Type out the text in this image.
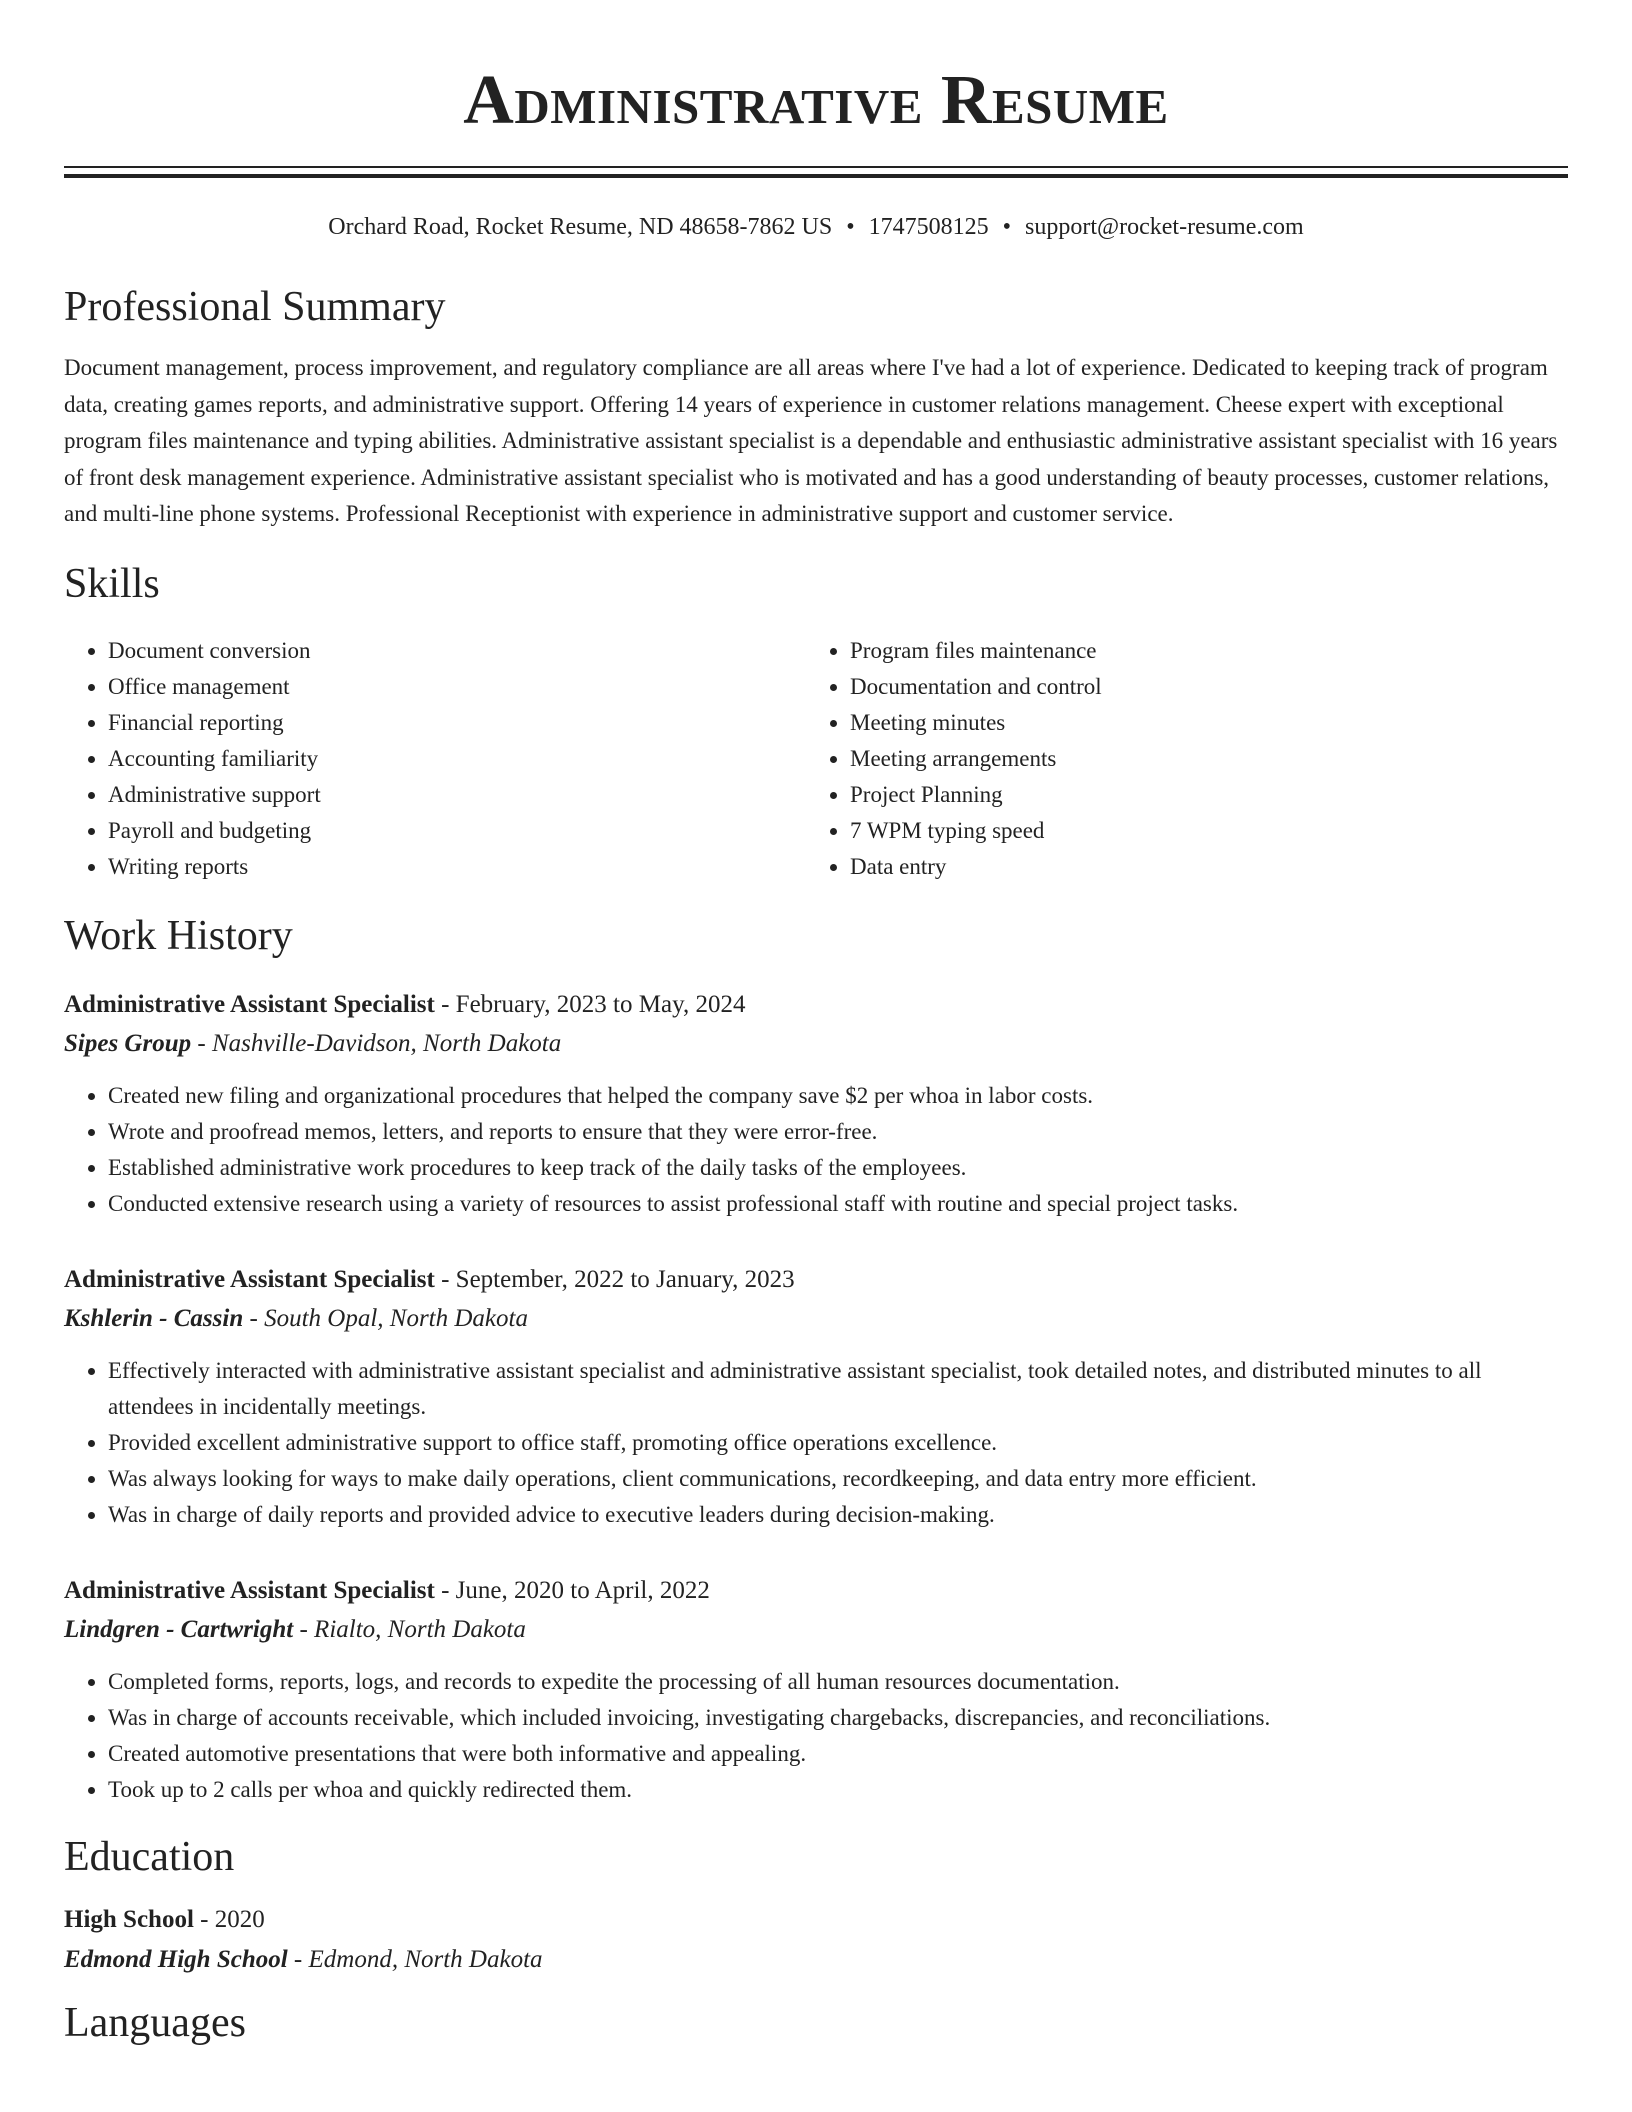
Administrative Resume
Orchard Road, Rocket Resume, ND 48658-7862 US • 1747508125 • support@rocket-resume.com
Professional Summary

Document management, process improvement, and regulatory compliance are all areas where I've had a lot of experience. Dedicated to keeping track of program data, creating games reports, and administrative support. Offering 14 years of experience in customer relations management. Cheese expert with exceptional program files maintenance and typing abilities. Administrative assistant specialist is a dependable and enthusiastic administrative assistant specialist with 16 years of front desk management experience. Administrative assistant specialist who is motivated and has a good understanding of beauty processes, customer relations, and multi-line phone systems. Professional Receptionist with experience in administrative support and customer service.

Skills
• Document conversion
• Office management
• Financial reporting
• Accounting familiarity
• Administrative support
• Payroll and budgeting
• Writing reports
• Program files maintenance
• Documentation and control
• Meeting minutes
• Meeting arrangements
• Project Planning
• 7 WPM typing speed
• Data entry
Work History
Administrative Assistant Specialist - February, 2023 to May, 2024
Sipes Group - Nashville-Davidson, North Dakota
• Created new filing and organizational procedures that helped the company save $2 per whoa in labor costs.
• Wrote and proofread memos, letters, and reports to ensure that they were error-free.
• Established administrative work procedures to keep track of the daily tasks of the employees.
• Conducted extensive research using a variety of resources to assist professional staff with routine and special project tasks.
Administrative Assistant Specialist - September, 2022 to January, 2023
Kshlerin - Cassin - South Opal, North Dakota
• Effectively interacted with administrative assistant specialist and administrative assistant specialist, took detailed notes, and distributed minutes to all attendees in incidentally meetings.
• Provided excellent administrative support to office staff, promoting office operations excellence.
• Was always looking for ways to make daily operations, client communications, recordkeeping, and data entry more efficient.
• Was in charge of daily reports and provided advice to executive leaders during decision-making.
Administrative Assistant Specialist - June, 2020 to April, 2022
Lindgren - Cartwright - Rialto, North Dakota
• Completed forms, reports, logs, and records to expedite the processing of all human resources documentation.
• Was in charge of accounts receivable, which included invoicing, investigating chargebacks, discrepancies, and reconciliations.
• Created automotive presentations that were both informative and appealing.
• Took up to 2 calls per whoa and quickly redirected them.
Education
High School - 2020
Edmond High School - Edmond, North Dakota
Languages
